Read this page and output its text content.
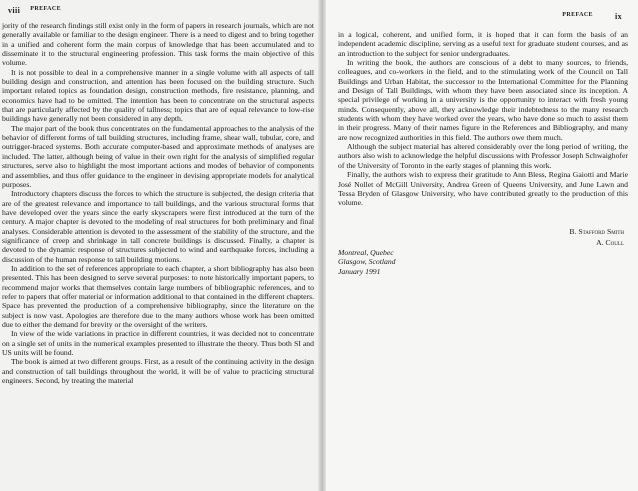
viii PREFACE

jority of the research findings still exist only in the form of papers in research journals, which are not generally available or familiar to the design engineer. There is a need to digest and to bring together in a unified and coherent form the main corpus of knowledge that has been accumulated and to disseminate it to the structural engineering profession. This task forms the main objective of this volume.

It is not possible to deal in a comprehensive manner in a single volume with all aspects of tall building design and construction, and attention has been focused on the building structure. Such important related topics as foundation design, construction methods, fire resistance, planning, and economics have had to be omitted. The intention has been to concentrate on the structural aspects that are particularly affected by the quality of tallness; topics that are of equal relevance to low-rise buildings have generally not been considered in any depth.

The major part of the book thus concentrates on the fundamental approaches to the analysis of the behavior of different forms of tall building structures, including frame, shear wall, tubular, core, and outrigger-braced systems. Both accurate computer-based and approximate methods of analyses are included. The latter, although being of value in their own right for the analysis of simplified regular structures, serve also to highlight the most important actions and modes of behavior of components and assemblies, and thus offer guidance to the engineer in devising appropriate models for analytical purposes.

Introductory chapters discuss the forces to which the structure is subjected, the design criteria that are of the greatest relevance and importance to tall buildings, and the various structural forms that have developed over the years since the early skyscrapers were first introduced at the turn of the century. A major chapter is devoted to the modeling of real structures for both preliminary and final analyses. Considerable attention is devoted to the assessment of the stability of the structure, and the significance of creep and shrinkage in tall concrete buildings is discussed. Finally, a chapter is devoted to the dynamic response of structures subjected to wind and earthquake forces, including a discussion of the human response to tall building motions.

In addition to the set of references appropriate to each chapter, a short bibliography has also been presented. This has been designed to serve several purposes: to note historically important papers, to recommend major works that themselves contain large numbers of bibliographic references, and to refer to papers that offer material or information additional to that contained in the different chapters. Space has prevented the production of a comprehensive bibliography, since the literature on the subject is now vast. Apologies are therefore due to the many authors whose work has been omitted due to either the demand for brevity or the oversight of the writers.

In view of the wide variations in practice in different countries, it was decided not to concentrate on a single set of units in the numerical examples presented to illustrate the theory. Thus both SI and US units will be found.

The book is aimed at two different groups. First, as a result of the continuing activity in the design and construction of tall buildings throughout the world, it will be of value to practicing structural engineers. Second, by treating the material

PREFACE	ix

in a logical, coherent, and unified form, it is hoped that it can form the basis of an independent academic discipline, serving as a useful text for graduate student courses, and as an introduction to the subject for senior undergraduates.

In writing the book, the authors are conscious of a debt to many sources, to friends, colleagues, and co-workers in the field, and to the stimulating work of the Council on Tall Buildings and Urban Habitat, the successor to the International Committee for the Planning and Design of Tall Buildings, with whom they have been associated since its inception. A special privilege of working in a university is the opportunity to interact with fresh young minds. Consequently, above all, they acknowledge their indebtedness to the many research students with whom they have worked over the years, who have done so much to assist them in their progress. Many of their names figure in the References and Bibliography, and many are now recognized authorities in this field. The authors owe them much.

Although the subject material has altered considerably over the long period of writing, the authors also wish to acknowledge the helpful discussions with Professor Joseph Schwaighofer of the University of Toronto in the early stages of planning this work.

Finally, the authors wish to express their gratitude to Ann Bless, Regina Gaiotti and Marie José Nollet of McGill University, Andrea Green of Queens University, and June Lawn and Tessa Bryden of Glasgow University, who have contributed greatly to the production of this volume.

B. Stafford Smith
A. Coull
Montreal, Quebec
Glasgow, Scotland
January 1991
